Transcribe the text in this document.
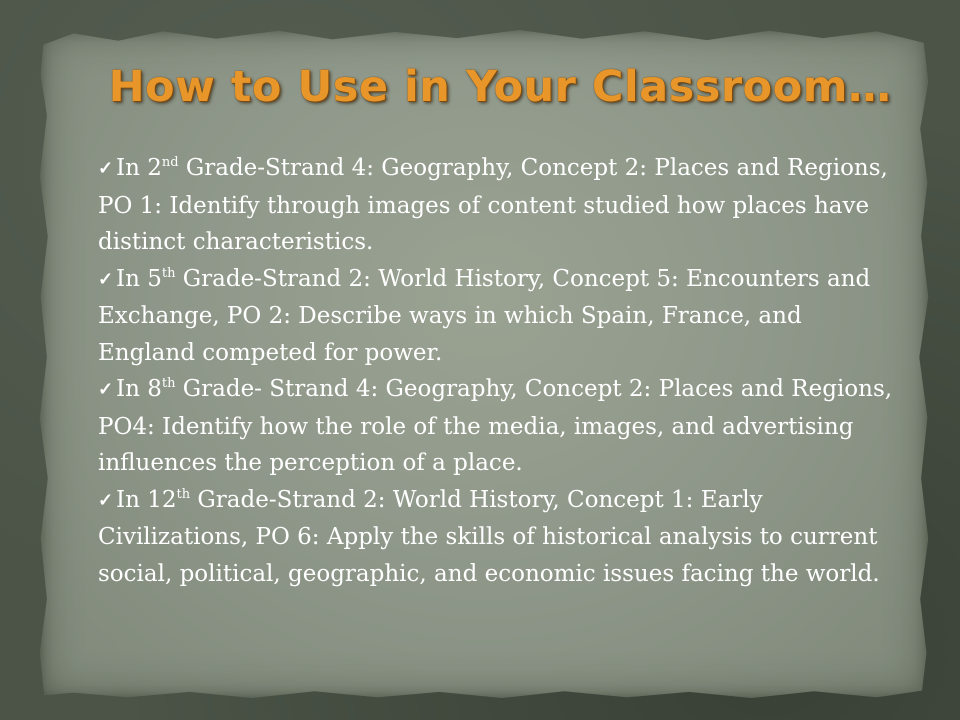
How to Use in Your Classroom…
✓ In 2nd Grade-Strand 4: Geography, Concept 2: Places and Regions, PO 1: Identify through images of content studied how places have distinct characteristics.
✓ In 5th Grade-Strand 2: World History, Concept 5: Encounters and Exchange, PO 2: Describe ways in which Spain, France, and England competed for power.
✓ In 8th Grade- Strand 4: Geography, Concept 2: Places and Regions, PO4: Identify how the role of the media, images, and advertising influences the perception of a place.
✓ In 12th Grade-Strand 2: World History, Concept 1: Early Civilizations, PO 6: Apply the skills of historical analysis to current social, political, geographic, and economic issues facing the world.
